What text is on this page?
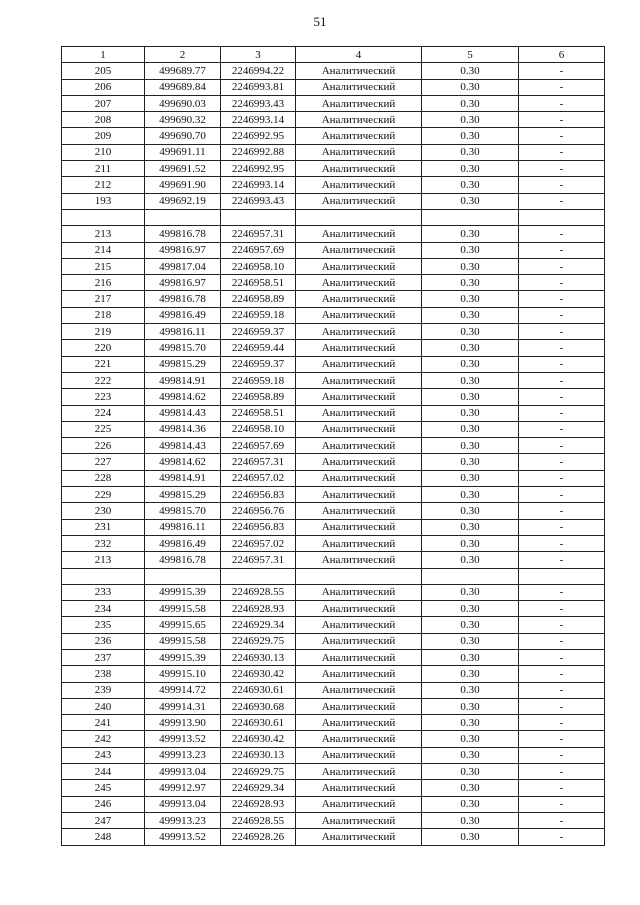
51
1	2	3	4	5	6
205	499689.77	2246994.22	Аналитический	0.30	-
206	499689.84	2246993.81	Аналитический	0.30	-
207	499690.03	2246993.43	Аналитический	0.30	-
208	499690.32	2246993.14	Аналитический	0.30	-
209	499690.70	2246992.95	Аналитический	0.30	-
210	499691.11	2246992.88	Аналитический	0.30	-
211	499691.52	2246992.95	Аналитический	0.30	-
212	499691.90	2246993.14	Аналитический	0.30	-
193	499692.19	2246993.43	Аналитический	0.30	-

213	499816.78	2246957.31	Аналитический	0.30	-
214	499816.97	2246957.69	Аналитический	0.30	-
215	499817.04	2246958.10	Аналитический	0.30	-
216	499816.97	2246958.51	Аналитический	0.30	-
217	499816.78	2246958.89	Аналитический	0.30	-
218	499816.49	2246959.18	Аналитический	0.30	-
219	499816.11	2246959.37	Аналитический	0.30	-
220	499815.70	2246959.44	Аналитический	0.30	-
221	499815.29	2246959.37	Аналитический	0.30	-
222	499814.91	2246959.18	Аналитический	0.30	-
223	499814.62	2246958.89	Аналитический	0.30	-
224	499814.43	2246958.51	Аналитический	0.30	-
225	499814.36	2246958.10	Аналитический	0.30	-
226	499814.43	2246957.69	Аналитический	0.30	-
227	499814.62	2246957.31	Аналитический	0.30	-
228	499814.91	2246957.02	Аналитический	0.30	-
229	499815.29	2246956.83	Аналитический	0.30	-
230	499815.70	2246956.76	Аналитический	0.30	-
231	499816.11	2246956.83	Аналитический	0.30	-
232	499816.49	2246957.02	Аналитический	0.30	-
213	499816.78	2246957.31	Аналитический	0.30	-

233	499915.39	2246928.55	Аналитический	0.30	-
234	499915.58	2246928.93	Аналитический	0.30	-
235	499915.65	2246929.34	Аналитический	0.30	-
236	499915.58	2246929.75	Аналитический	0.30	-
237	499915.39	2246930.13	Аналитический	0.30	-
238	499915.10	2246930.42	Аналитический	0.30	-
239	499914.72	2246930.61	Аналитический	0.30	-
240	499914.31	2246930.68	Аналитический	0.30	-
241	499913.90	2246930.61	Аналитический	0.30	-
242	499913.52	2246930.42	Аналитический	0.30	-
243	499913.23	2246930.13	Аналитический	0.30	-
244	499913.04	2246929.75	Аналитический	0.30	-
245	499912.97	2246929.34	Аналитический	0.30	-
246	499913.04	2246928.93	Аналитический	0.30	-
247	499913.23	2246928.55	Аналитический	0.30	-
248	499913.52	2246928.26	Аналитический	0.30	-
